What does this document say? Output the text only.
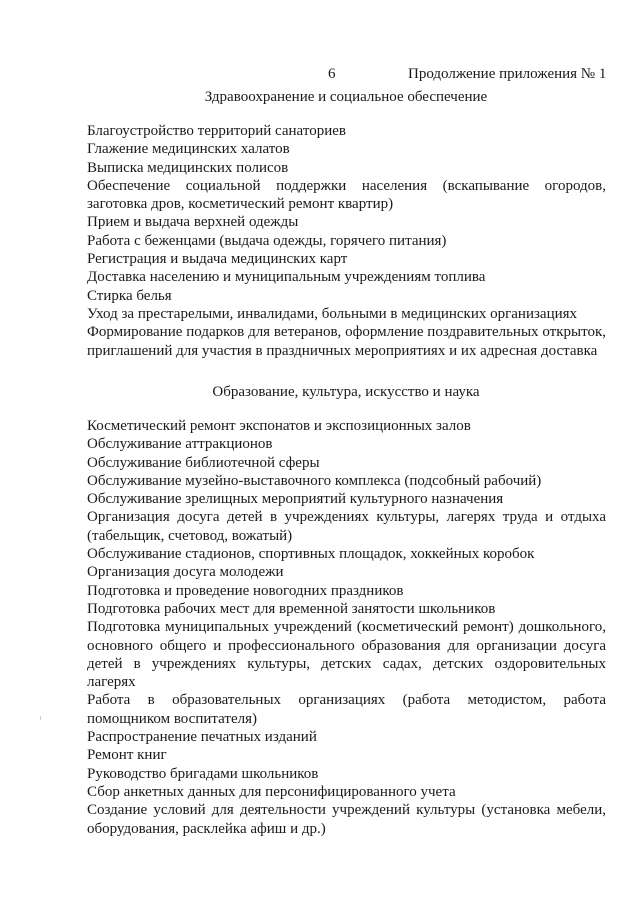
6	Продолжение приложения № 1
Здравоохранение и социальное обеспечение
Благоустройство территорий санаториев
Глажение медицинских халатов
Выписка медицинских полисов
Обеспечение социальной поддержки населения (вскапывание огородов, заготовка дров, косметический ремонт квартир)
Прием и выдача верхней одежды
Работа с беженцами (выдача одежды, горячего питания)
Регистрация и выдача медицинских карт
Доставка населению и муниципальным учреждениям топлива
Стирка белья
Уход за престарелыми, инвалидами, больными в медицинских организациях
Формирование подарков для ветеранов, оформление поздравительных открыток, приглашений для участия в праздничных мероприятиях и их адресная доставка
Образование, культура, искусство и наука
Косметический ремонт экспонатов и экспозиционных залов
Обслуживание аттракционов
Обслуживание библиотечной сферы
Обслуживание музейно-выставочного комплекса (подсобный рабочий)
Обслуживание зрелищных мероприятий культурного назначения
Организация досуга детей в учреждениях культуры, лагерях труда и отдыха (табельщик, счетовод, вожатый)
Обслуживание стадионов, спортивных площадок, хоккейных коробок
Организация досуга молодежи
Подготовка и проведение новогодних праздников
Подготовка рабочих мест для временной занятости школьников
Подготовка муниципальных учреждений (косметический ремонт) дошкольного, основного общего и профессионального образования для организации досуга детей в учреждениях культуры, детских садах, детских оздоровительных лагерях
Работа в образовательных организациях (работа методистом, работа помощником воспитателя)
Распространение печатных изданий
Ремонт книг
Руководство бригадами школьников
Сбор анкетных данных для персонифицированного учета
Создание условий для деятельности учреждений культуры (установка мебели, оборудования, расклейка афиш и др.)
